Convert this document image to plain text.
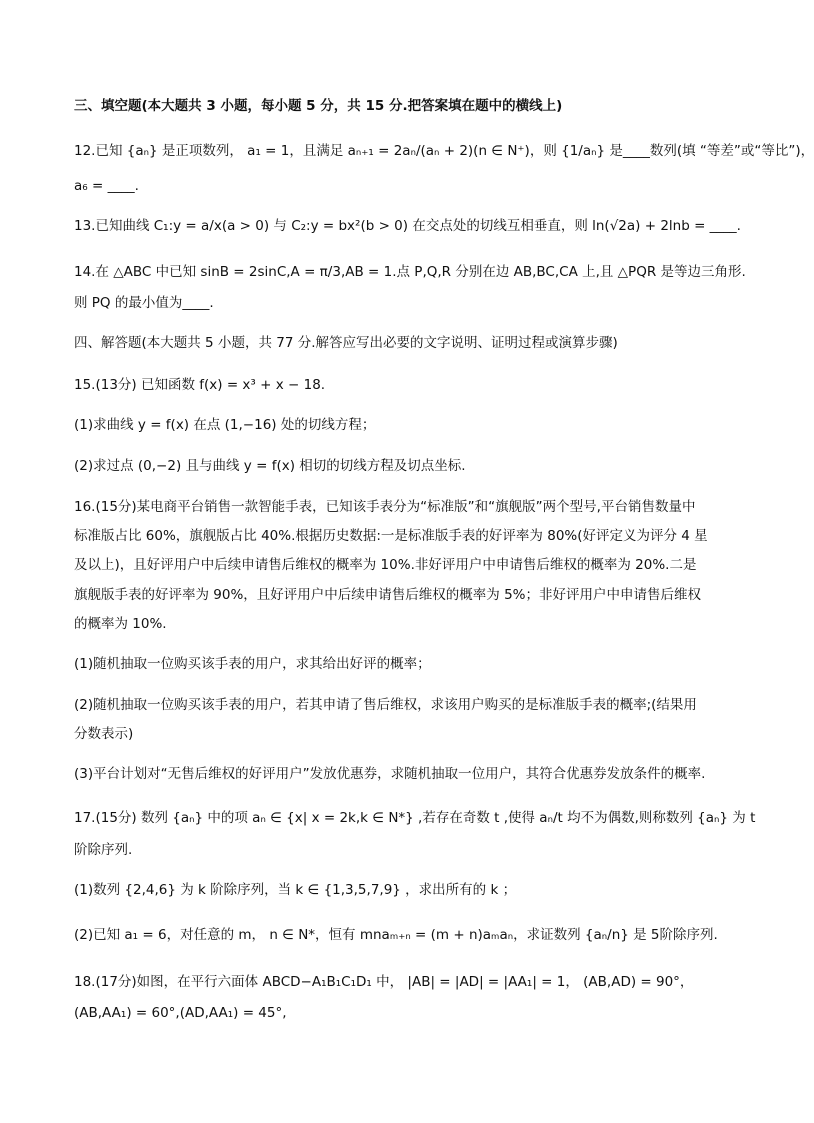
三、填空题(本大题共 3 小题，每小题 5 分，共 15 分.把答案填在题中的横线上)
12.已知 {aₙ} 是正项数列， a₁ = 1，且满足 aₙ₊₁ = 2aₙ/(aₙ + 2)(n ∈ N⁺)，则 {1/aₙ} 是____数列(填 “等差”或“等比”)，
a₆ = ____.
13.已知曲线 C₁:y = a/x(a > 0) 与 C₂:y = bx²(b > 0) 在交点处的切线互相垂直，则 ln(√2a) + 2lnb = ____.
14.在 △ABC 中已知 sinB = 2sinC,A = π/3,AB = 1.点 P,Q,R 分别在边 AB,BC,CA 上,且 △PQR 是等边三角形.
则 PQ 的最小值为____.
四、解答题(本大题共 5 小题，共 77 分.解答应写出必要的文字说明、证明过程或演算步骤)
15.(13分) 已知函数 f(x) = x³ + x − 18.
(1)求曲线 y = f(x) 在点 (1,−16) 处的切线方程；
(2)求过点 (0,−2) 且与曲线 y = f(x) 相切的切线方程及切点坐标.
16.(15分)某电商平台销售一款智能手表，已知该手表分为“标准版”和“旗舰版”两个型号,平台销售数量中
标准版占比 60%，旗舰版占比 40%.根据历史数据:一是标准版手表的好评率为 80%(好评定义为评分 4 星
及以上)，且好评用户中后续申请售后维权的概率为 10%.非好评用户中申请售后维权的概率为 20%.二是
旗舰版手表的好评率为 90%，且好评用户中后续申请售后维权的概率为 5%；非好评用户中申请售后维权
的概率为 10%.
(1)随机抽取一位购买该手表的用户，求其给出好评的概率；
(2)随机抽取一位购买该手表的用户，若其申请了售后维权，求该用户购买的是标准版手表的概率;(结果用
分数表示)
(3)平台计划对“无售后维权的好评用户”发放优惠券，求随机抽取一位用户，其符合优惠券发放条件的概率.
17.(15分) 数列 {aₙ} 中的项 aₙ ∈ {x| x = 2k,k ∈ N*} ,若存在奇数 t ,使得 aₙ/t 均不为偶数,则称数列 {aₙ} 为 t
阶除序列.
(1)数列 {2,4,6} 为 k 阶除序列，当 k ∈ {1,3,5,7,9} ，求出所有的 k ；
(2)已知 a₁ = 6，对任意的 m， n ∈ N*，恒有 mnaₘ₊ₙ = (m + n)aₘaₙ，求证数列 {aₙ/n} 是 5阶除序列.
18.(17分)如图，在平行六面体 ABCD−A₁B₁C₁D₁ 中， |AB| = |AD| = |AA₁| = 1， (AB,AD) = 90°，
(AB,AA₁) = 60°,(AD,AA₁) = 45°,
